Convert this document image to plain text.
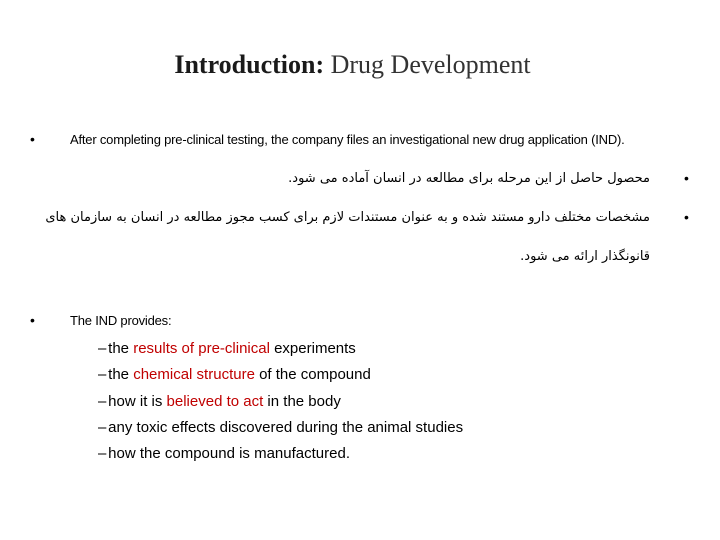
Introduction: Drug Development
•	After completing pre-clinical testing, the company files an investigational new drug application (IND).
•
محصول حاصل از این مرحله برای مطالعه در انسان آماده می شود.
•
مشخصات مختلف دارو مستند شده و به عنوان مستندات لازم برای کسب مجوز مطالعه در انسان به سازمان های
قانونگذار ارائه می شود.
•	The IND provides:
– the results of pre-clinical experiments
– the chemical structure of the compound
– how it is believed to act in the body
– any toxic effects discovered during the animal studies
– how the compound is manufactured.
